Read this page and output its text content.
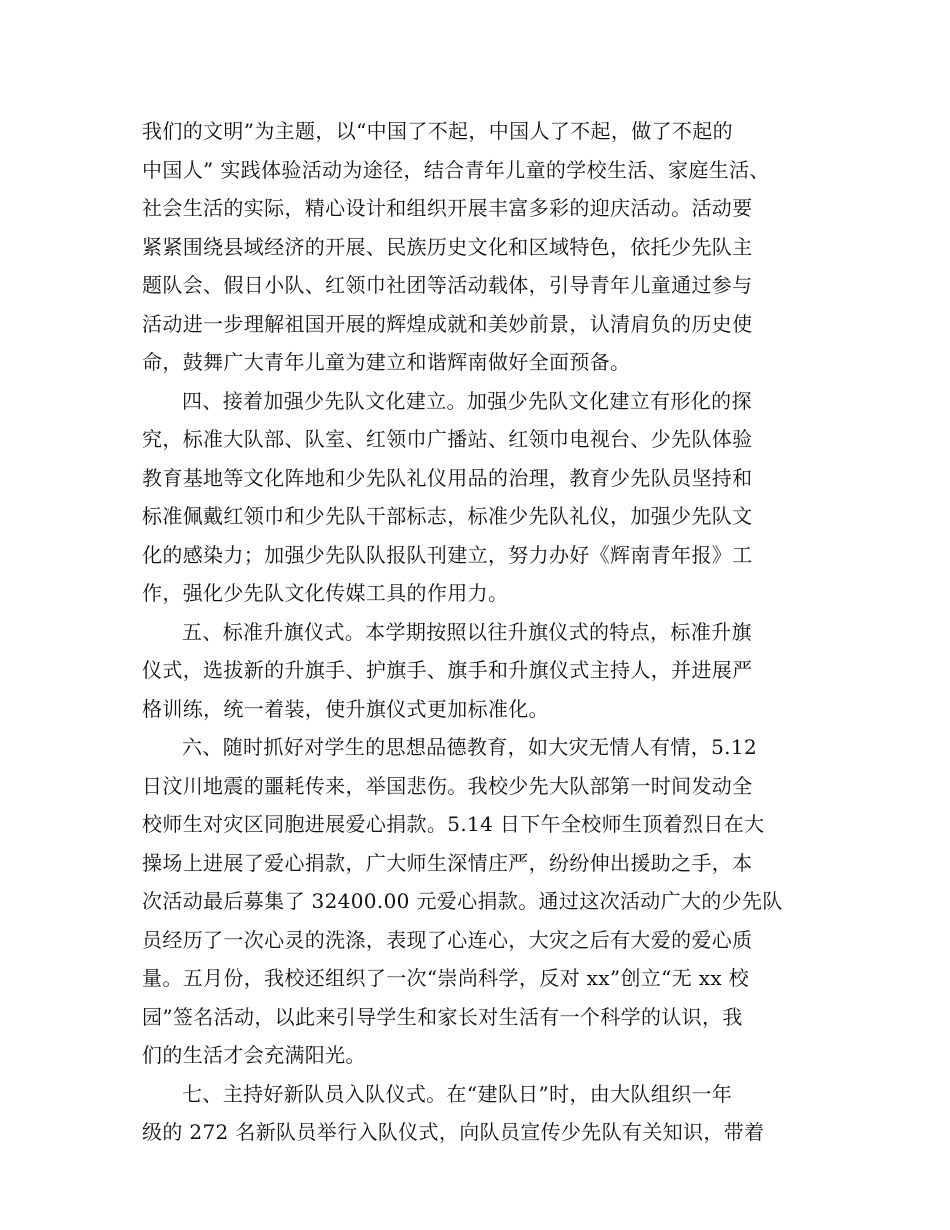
我们的文明”为主题，以“中国了不起，中国人了不起，做了不起的
中国人” 实践体验活动为途径，结合青年儿童的学校生活、家庭生活、
社会生活的实际，精心设计和组织开展丰富多彩的迎庆活动。活动要
紧紧围绕县域经济的开展、民族历史文化和区域特色，依托少先队主
题队会、假日小队、红领巾社团等活动载体，引导青年儿童通过参与
活动进一步理解祖国开展的辉煌成就和美妙前景，认清肩负的历史使
命，鼓舞广大青年儿童为建立和谐辉南做好全面预备。
四、接着加强少先队文化建立。加强少先队文化建立有形化的探
究，标准大队部、队室、红领巾广播站、红领巾电视台、少先队体验
教育基地等文化阵地和少先队礼仪用品的治理，教育少先队员坚持和
标准佩戴红领巾和少先队干部标志，标准少先队礼仪，加强少先队文
化的感染力；加强少先队队报队刊建立，努力办好《辉南青年报》工
作，强化少先队文化传媒工具的作用力。
五、标准升旗仪式。本学期按照以往升旗仪式的特点，标准升旗
仪式，选拔新的升旗手、护旗手、旗手和升旗仪式主持人，并进展严
格训练，统一着装，使升旗仪式更加标准化。
六、随时抓好对学生的思想品德教育，如大灾无情人有情，5.12
日汶川地震的噩耗传来，举国悲伤。我校少先大队部第一时间发动全
校师生对灾区同胞进展爱心捐款。5.14 日下午全校师生顶着烈日在大
操场上进展了爱心捐款，广大师生深情庄严，纷纷伸出援助之手，本
次活动最后募集了 32400.00 元爱心捐款。通过这次活动广大的少先队
员经历了一次心灵的洗涤，表现了心连心，大灾之后有大爱的爱心质
量。五月份，我校还组织了一次“崇尚科学，反对 xx”创立“无 xx 校
园”签名活动，以此来引导学生和家长对生活有一个科学的认识，我
们的生活才会充满阳光。
七、主持好新队员入队仪式。在“建队日”时，由大队组织一年
级的 272 名新队员举行入队仪式，向队员宣传少先队有关知识，带着
